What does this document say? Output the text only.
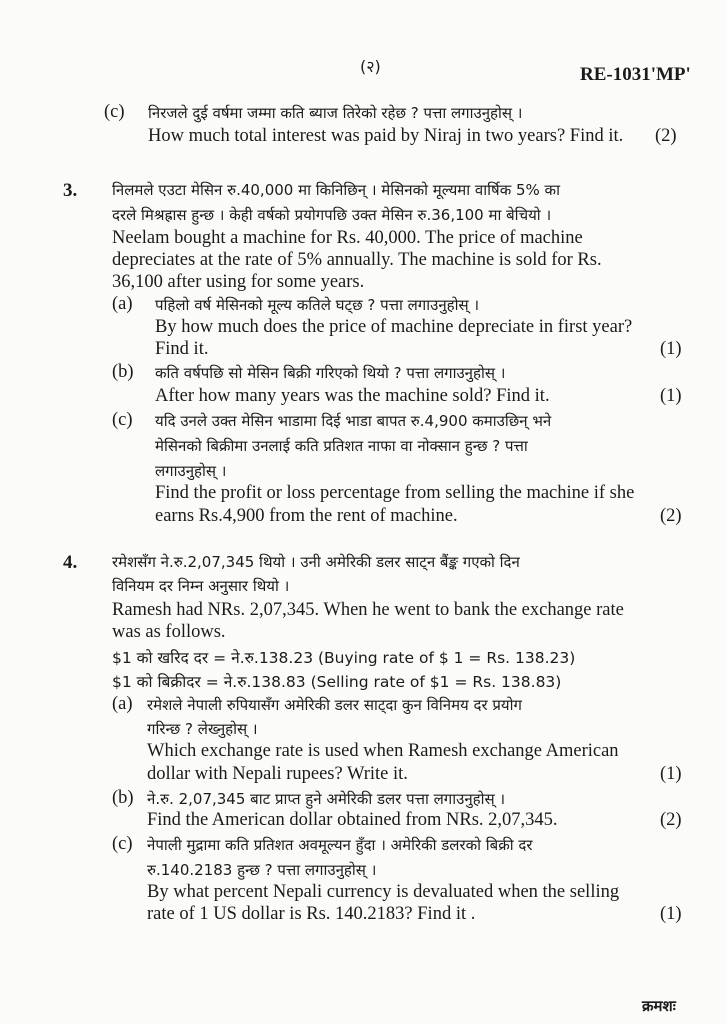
(२)	RE-1031'MP'
(c) निरजले दुई वर्षमा जम्मा कति ब्याज तिरेको रहेछ ? पत्ता लगाउनुहोस् ।
How much total interest was paid by Niraj in two years? Find it. (2)
3. निलमले एउटा मेसिन रु.40,000 मा किनिछिन् । मेसिनको मूल्यमा वार्षिक 5% का
दरले मिश्रह्रास हुन्छ । केही वर्षको प्रयोगपछि उक्त मेसिन रु.36,100 मा बेचियो ।
Neelam bought a machine for Rs. 40,000. The price of machine
depreciates at the rate of 5% annually. The machine is sold for Rs.
36,100 after using for some years.
(a) पहिलो वर्ष मेसिनको मूल्य कतिले घट्छ ? पत्ता लगाउनुहोस् ।
By how much does the price of machine depreciate in first year?
Find it.	(1)
(b) कति वर्षपछि सो मेसिन बिक्री गरिएको थियो ? पत्ता लगाउनुहोस् ।
After how many years was the machine sold? Find it.	(1)
(c) यदि उनले उक्त मेसिन भाडामा दिई भाडा बापत रु.4,900 कमाउछिन् भने
मेसिनको बिक्रीमा उनलाई कति प्रतिशत नाफा वा नोक्सान हुन्छ ? पत्ता
लगाउनुहोस् ।
Find the profit or loss percentage from selling the machine if she
earns Rs.4,900 from the rent of machine.	(2)
4. रमेशसँग ने.रु.2,07,345 थियो । उनी अमेरिकी डलर साट्न बैंङ्क गएको दिन
विनियम दर निम्न अनुसार थियो ।
Ramesh had NRs. 2,07,345. When he went to bank the exchange rate
was as follows.
$1 को खरिद दर = ने.रु.138.23 (Buying rate of $ 1 = Rs. 138.23)
$1 को बिक्रीदर = ने.रु.138.83 (Selling rate of $1 = Rs. 138.83)
(a) रमेशले नेपाली रुपियासँग अमेरिकी डलर साट्दा कुन विनिमय दर प्रयोग
गरिन्छ ? लेख्नुहोस् ।
Which exchange rate is used when Ramesh exchange American
dollar with Nepali rupees? Write it.	(1)
(b) ने.रु. 2,07,345 बाट प्राप्त हुने अमेरिकी डलर पत्ता लगाउनुहोस् ।
Find the American dollar obtained from NRs. 2,07,345.	(2)
(c) नेपाली मुद्रामा कति प्रतिशत अवमूल्यन हुँदा । अमेरिकी डलरको बिक्री दर
रु.140.2183 हुन्छ ? पत्ता लगाउनुहोस् ।
By what percent Nepali currency is devaluated when the selling
rate of 1 US dollar is Rs. 140.2183? Find it .	(1)
क्रमशः
